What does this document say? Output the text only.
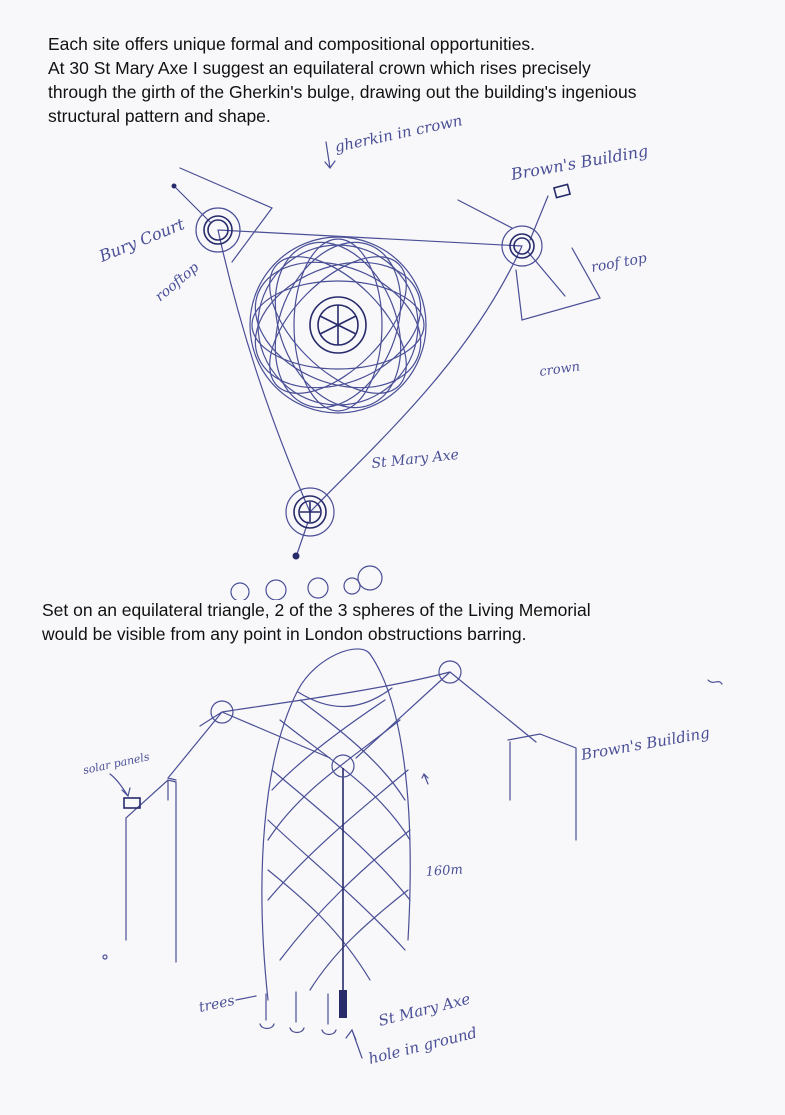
Each site offers unique formal and compositional opportunities.
At 30 St Mary Axe I suggest an equilateral crown which rises precisely
through the girth of the Gherkin's bulge, drawing out the building's ingenious
structural pattern and shape.	gherkin in crown
Brown's Building
Bury Court
rooftop	roof top
crown
St Mary Axe

Set on an equilateral triangle, 2 of the 3 spheres of the Living Memorial
would be visible from any point in London obstructions barring.

solar panels	Brown's Building
160m
trees	St Mary Axe
hole in ground
